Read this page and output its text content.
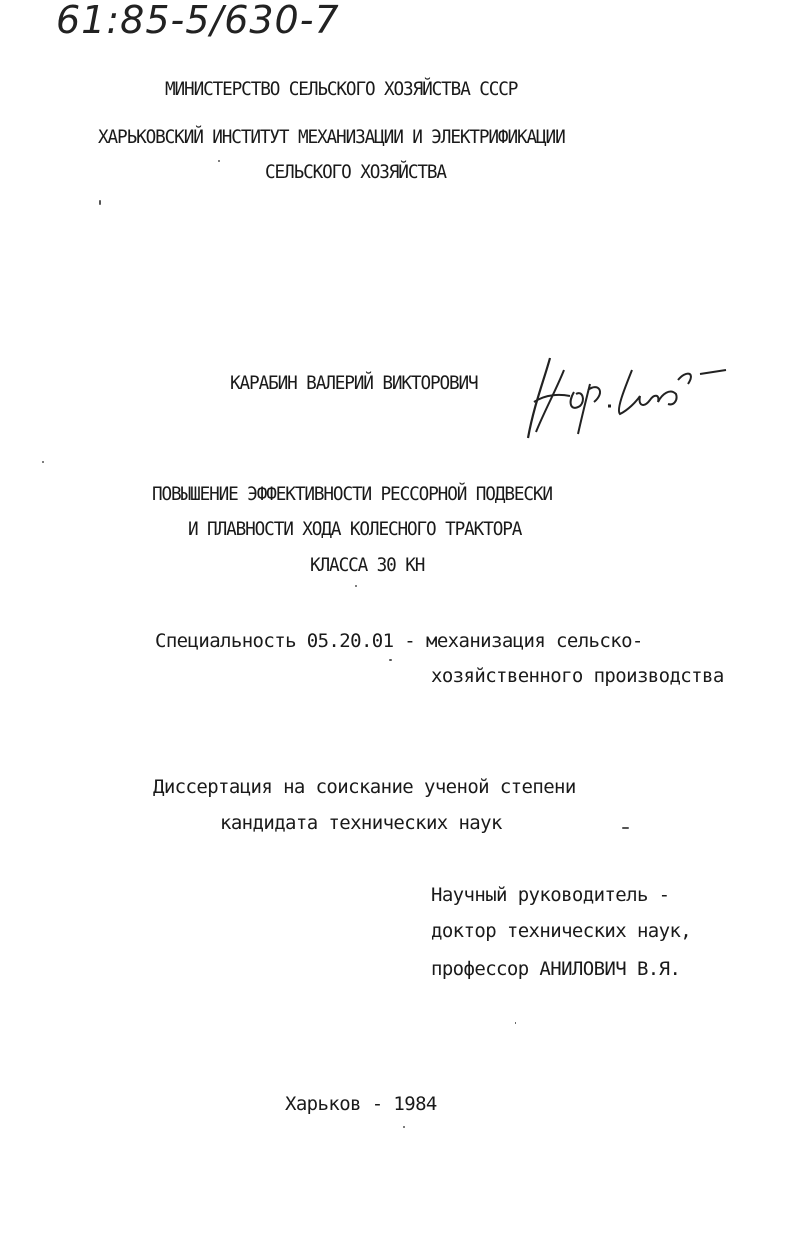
61:85-5/630-7
МИНИСТЕРСТВО СЕЛЬСКОГО ХОЗЯЙСТВА СССР
ХАРЬКОВСКИЙ ИНСТИТУТ МЕХАНИЗАЦИИ И ЭЛЕКТРИФИКАЦИИ
СЕЛЬСКОГО ХОЗЯЙСТВА
КАРАБИН ВАЛЕРИЙ ВИКТОРОВИЧ
ПОВЫШЕНИЕ ЭФФЕКТИВНОСТИ РЕССОРНОЙ ПОДВЕСКИ
И ПЛАВНОСТИ ХОДА КОЛЕСНОГО ТРАКТОРА
КЛАССА 30 КН
Специальность 05.20.01 - механизация сельско-
хозяйственного производства
Диссертация на соискание ученой степени
кандидата технических наук
Научный руководитель -
доктор технических наук,
профессор АНИЛОВИЧ В.Я.
Харьков - 1984
